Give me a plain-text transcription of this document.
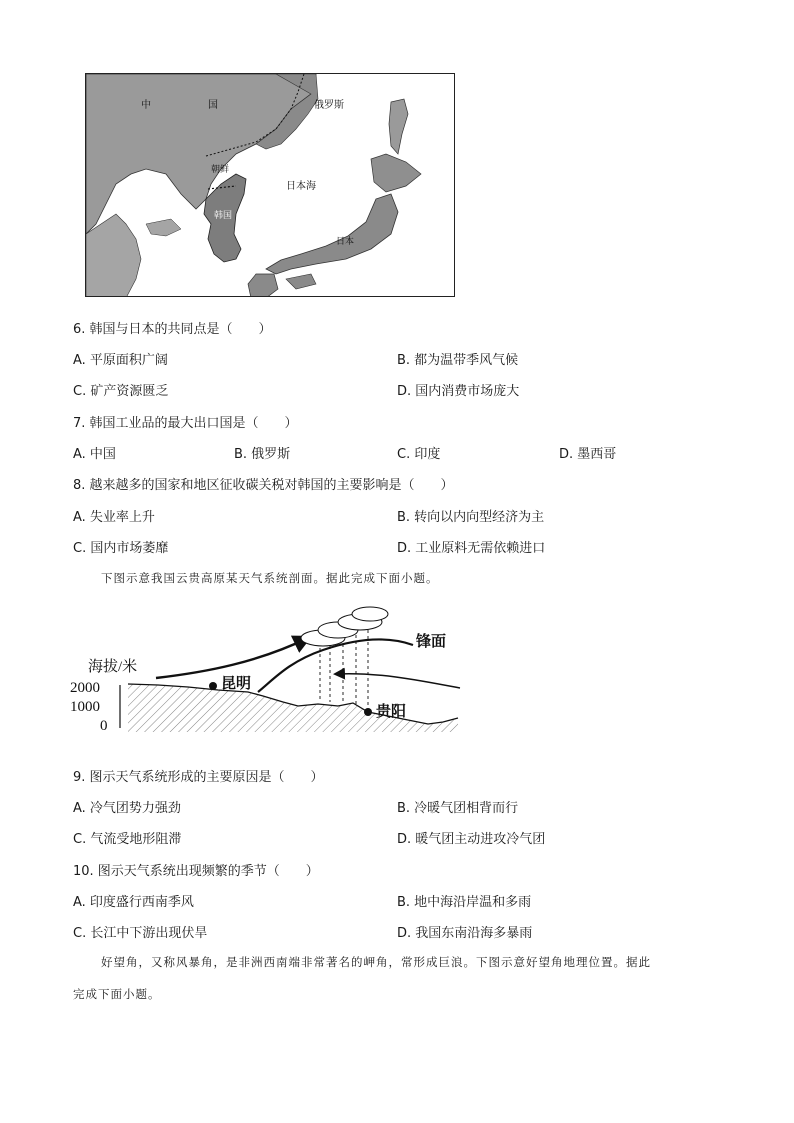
中	国	俄罗斯
朝鲜
日本海
韩国
日本
6. 韩国与日本的共同点是（　　）
A. 平原面积广阔	B. 都为温带季风气候
C. 矿产资源匮乏	D. 国内消费市场庞大
7. 韩国工业品的最大出口国是（　　）
A. 中国	B. 俄罗斯	C. 印度	D. 墨西哥
8. 越来越多的国家和地区征收碳关税对韩国的主要影响是（　　）
A. 失业率上升	B. 转向以内向型经济为主
C. 国内市场萎靡	D. 工业原料无需依赖进口
下图示意我国云贵高原某天气系统剖面。据此完成下面小题。
海拔/米
2000
1000
0
锋面
昆明
贵阳
9. 图示天气系统形成的主要原因是（　　）
A. 冷气团势力强劲	B. 冷暖气团相背而行
C. 气流受地形阻滞	D. 暖气团主动进攻冷气团
10. 图示天气系统出现频繁的季节（　　）
A. 印度盛行西南季风	B. 地中海沿岸温和多雨
C. 长江中下游出现伏旱	D. 我国东南沿海多暴雨
好望角，又称风暴角，是非洲西南端非常著名的岬角，常形成巨浪。下图示意好望角地理位置。据此
完成下面小题。
